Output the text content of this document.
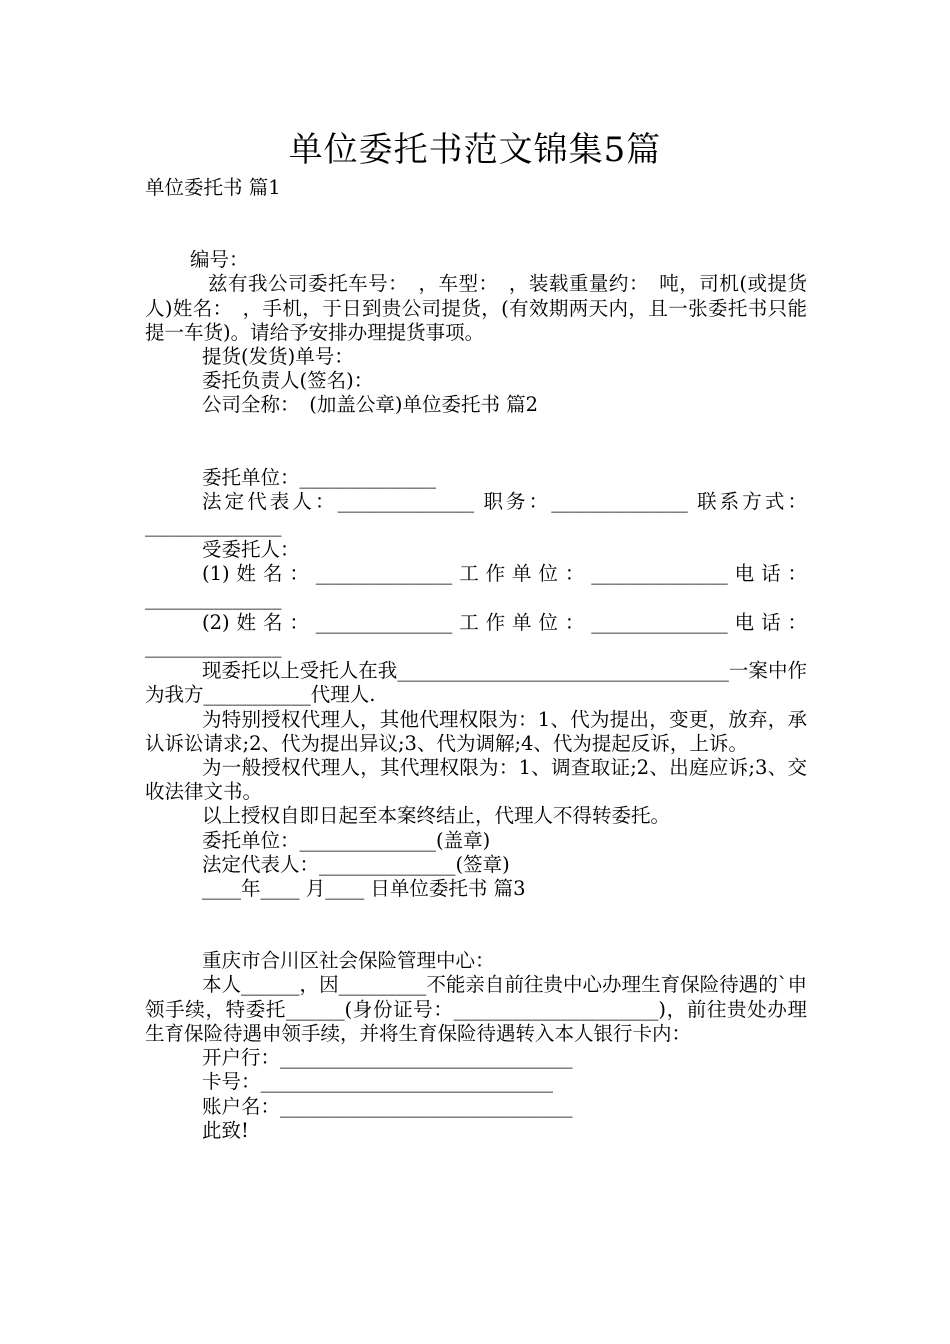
单位委托书范文锦集5篇

单位委托书 篇1

编号：

兹有我公司委托车号：　，车型：　，装载重量约：　吨，司机(或提货人)姓名：　，手机，于日到贵公司提货，(有效期两天内，且一张委托书只能提一车货)。请给予安排办理提货事项。

提货(发货)单号：

委托负责人(签名)：

公司全称：　(加盖公章)单位委托书 篇2

委托单位：______________

法定代表人：______________ 职务：______________ 联系方式：______________

受委托人：

(1)姓名：______________工作单位：______________电话：______________

(2)姓名：______________工作单位：______________电话：______________

现委托以上受托人在我__________________________________一案中作为我方___________代理人.

为特别授权代理人，其他代理权限为：1、代为提出，变更，放弃，承认诉讼请求;2、代为提出异议;3、代为调解;4、代为提起反诉，上诉。

为一般授权代理人，其代理权限为：1、调查取证;2、出庭应诉;3、交收法律文书。

以上授权自即日起至本案终结止，代理人不得转委托。

委托单位：______________(盖章)

法定代表人：______________(签章)

____年____ 月____ 日单位委托书 篇3

重庆市合川区社会保险管理中心：

本人______，因_________不能亲自前往贵中心办理生育保险待遇的`申领手续，特委托______(身份证号：_____________________)，前往贵处办理生育保险待遇申领手续，并将生育保险待遇转入本人银行卡内：

开户行：______________________________

卡号：______________________________

账户名：______________________________

此致!
